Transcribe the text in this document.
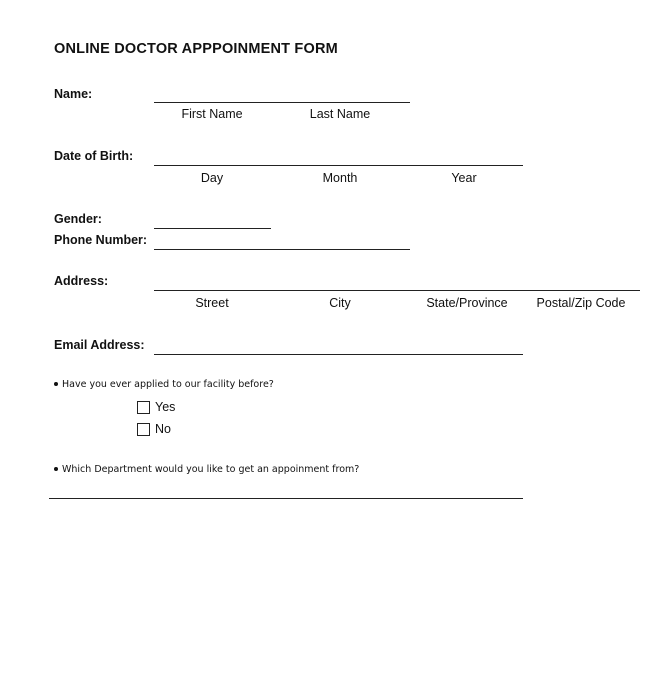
ONLINE DOCTOR APPPOINMENT FORM
Name:
First Name	Last Name
Date of Birth:
Day	Month	Year
Gender:
Phone Number:
Address:
Street	City	State/Province	Postal/Zip Code
Email Address:
Have you ever applied to our facility before?
Yes
No
Which Department would you like to get an appoinment from?
